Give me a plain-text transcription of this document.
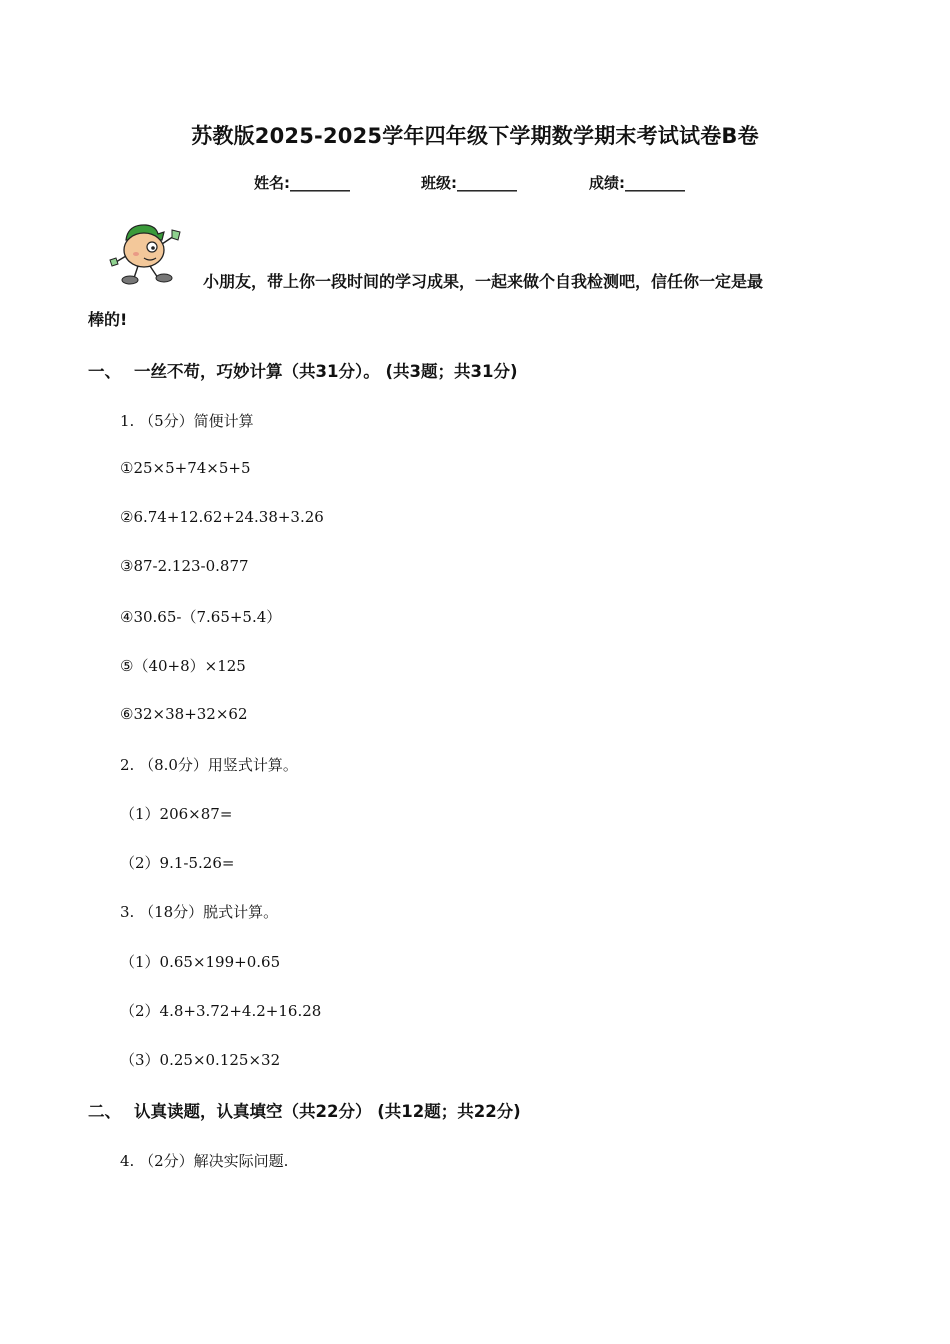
苏教版2025-2025学年四年级下学期数学期末考试试卷B卷
姓名:________	班级:________	成绩:________
小朋友，带上你一段时间的学习成果，一起来做个自我检测吧，信任你一定是最
棒的!
一、 一丝不苟，巧妙计算（共31分）。 (共3题；共31分)
1. （5分）简便计算
①25×5+74×5+5
②6.74+12.62+24.38+3.26
③87-2.123-0.877
④30.65-（7.65+5.4）
⑤（40+8）×125
⑥32×38+32×62
2. （8.0分）用竖式计算。
（1）206×87=
（2）9.1-5.26=
3. （18分）脱式计算。
（1）0.65×199+0.65
（2）4.8+3.72+4.2+16.28
（3）0.25×0.125×32
二、 认真读题，认真填空（共22分） (共12题；共22分)
4. （2分）解决实际问题.
